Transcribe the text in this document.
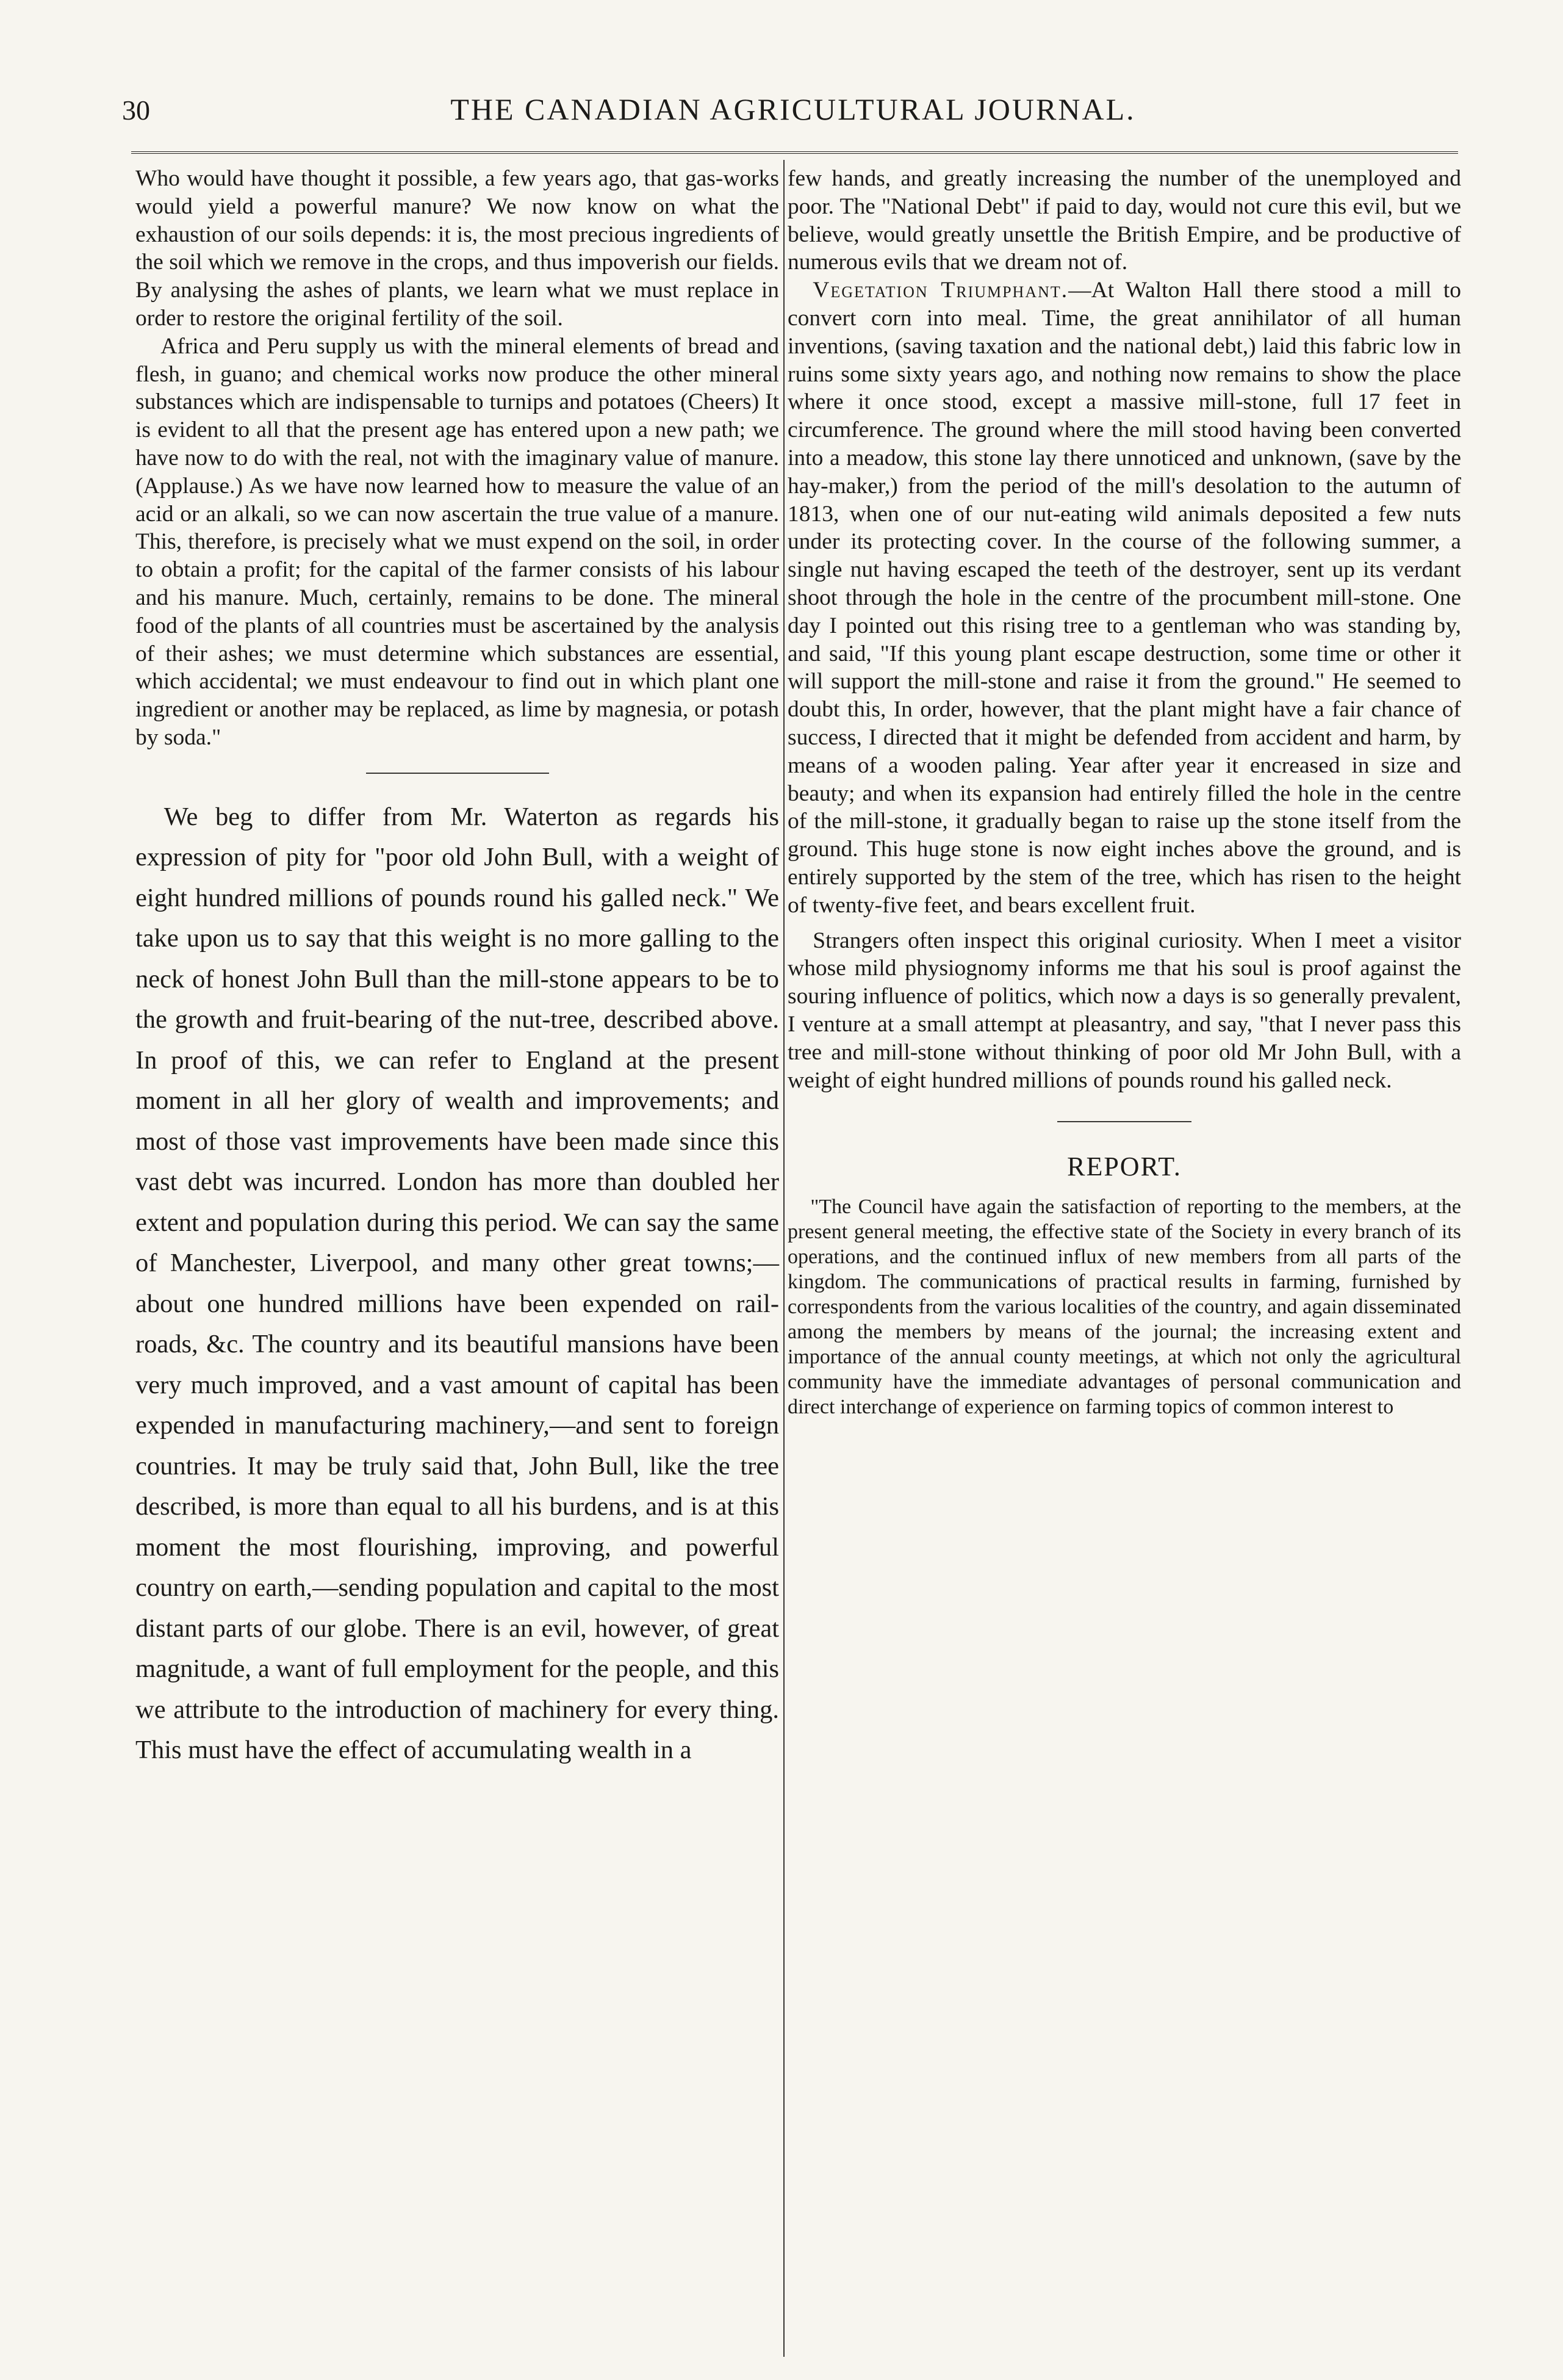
30	THE CANADIAN AGRICULTURAL JOURNAL.

Who would have thought it possible, a few years ago, that gas-works would yield a powerful manure? We now know on what the exhaustion of our soils depends: it is, the most precious ingredients of the soil which we remove in the crops, and thus impoverish our fields. By analysing the ashes of plants, we learn what we must replace in order to restore the original fertility of the soil.

Africa and Peru supply us with the mineral elements of bread and flesh, in guano; and chemical works now produce the other mineral substances which are indispensable to turnips and potatoes (Cheers) It is evident to all that the present age has entered upon a new path; we have now to do with the real, not with the imaginary value of manure. (Applause.) As we have now learned how to measure the value of an acid or an alkali, so we can now ascertain the true value of a manure. This, therefore, is precisely what we must expend on the soil, in order to obtain a profit; for the capital of the farmer consists of his labour and his manure. Much, certainly, remains to be done. The mineral food of the plants of all countries must be ascertained by the analysis of their ashes; we must determine which substances are essential, which accidental; we must endeavour to find out in which plant one ingredient or another may be replaced, as lime by magnesia, or potash by soda."

We beg to differ from Mr. Waterton as regards his expression of pity for "poor old John Bull, with a weight of eight hundred millions of pounds round his galled neck." We take upon us to say that this weight is no more galling to the neck of honest John Bull than the mill-stone appears to be to the growth and fruit-bearing of the nut-tree, described above. In proof of this, we can refer to England at the present moment in all her glory of wealth and improvements; and most of those vast improvements have been made since this vast debt was incurred. London has more than doubled her extent and population during this period. We can say the same of Manchester, Liverpool, and many other great towns;—about one hundred millions have been expended on rail-roads, &c. The country and its beautiful mansions have been very much improved, and a vast amount of capital has been expended in manufacturing machinery,—and sent to foreign countries. It may be truly said that, John Bull, like the tree described, is more than equal to all his burdens, and is at this moment the most flourishing, improving, and powerful country on earth,—sending population and capital to the most distant parts of our globe. There is an evil, however, of great magnitude, a want of full employment for the people, and this we attribute to the introduction of machinery for every thing. This must have the effect of accumulating wealth in a

few hands, and greatly increasing the number of the unemployed and poor. The "National Debt" if paid to day, would not cure this evil, but we believe, would greatly unsettle the British Empire, and be productive of numerous evils that we dream not of.

Vegetation Triumphant.—At Walton Hall there stood a mill to convert corn into meal. Time, the great annihilator of all human inventions, (saving taxation and the national debt,) laid this fabric low in ruins some sixty years ago, and nothing now remains to show the place where it once stood, except a massive mill-stone, full 17 feet in circumference. The ground where the mill stood having been converted into a meadow, this stone lay there unnoticed and unknown, (save by the hay-maker,) from the period of the mill's desolation to the autumn of 1813, when one of our nut-eating wild animals deposited a few nuts under its protecting cover. In the course of the following summer, a single nut having escaped the teeth of the destroyer, sent up its verdant shoot through the hole in the centre of the procumbent mill-stone. One day I pointed out this rising tree to a gentleman who was standing by, and said, "If this young plant escape destruction, some time or other it will support the mill-stone and raise it from the ground." He seemed to doubt this, In order, however, that the plant might have a fair chance of success, I directed that it might be defended from accident and harm, by means of a wooden paling. Year after year it encreased in size and beauty; and when its expansion had entirely filled the hole in the centre of the mill-stone, it gradually began to raise up the stone itself from the ground. This huge stone is now eight inches above the ground, and is entirely supported by the stem of the tree, which has risen to the height of twenty-five feet, and bears excellent fruit.

Strangers often inspect this original curiosity. When I meet a visitor whose mild physiognomy informs me that his soul is proof against the souring influence of politics, which now a days is so generally prevalent, I venture at a small attempt at pleasantry, and say, "that I never pass this tree and mill-stone without thinking of poor old Mr John Bull, with a weight of eight hundred millions of pounds round his galled neck.

REPORT.

"The Council have again the satisfaction of reporting to the members, at the present general meeting, the effective state of the Society in every branch of its operations, and the continued influx of new members from all parts of the kingdom. The communications of practical results in farming, furnished by correspondents from the various localities of the country, and again disseminated among the members by means of the journal; the increasing extent and importance of the annual county meetings, at which not only the agricultural community have the immediate advantages of personal communication and direct interchange of experience on farming topics of common interest to
